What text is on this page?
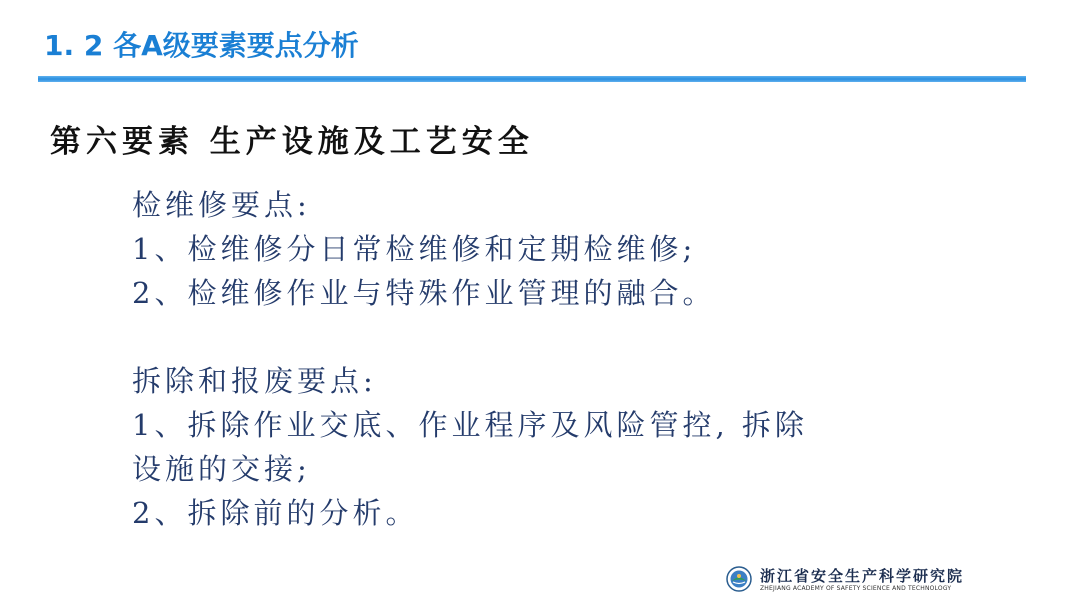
1. 2 各A级要素要点分析
第六要素 生产设施及工艺安全
检维修要点:
1、检维修分日常检维修和定期检维修;
2、检维修作业与特殊作业管理的融合。
拆除和报废要点:
1、拆除作业交底、作业程序及风险管控, 拆除
设施的交接;
2、拆除前的分析。
浙江省安全生产科学研究院
ZHEJIANG ACADEMY OF SAFETY SCIENCE AND TECHNOLOGY
